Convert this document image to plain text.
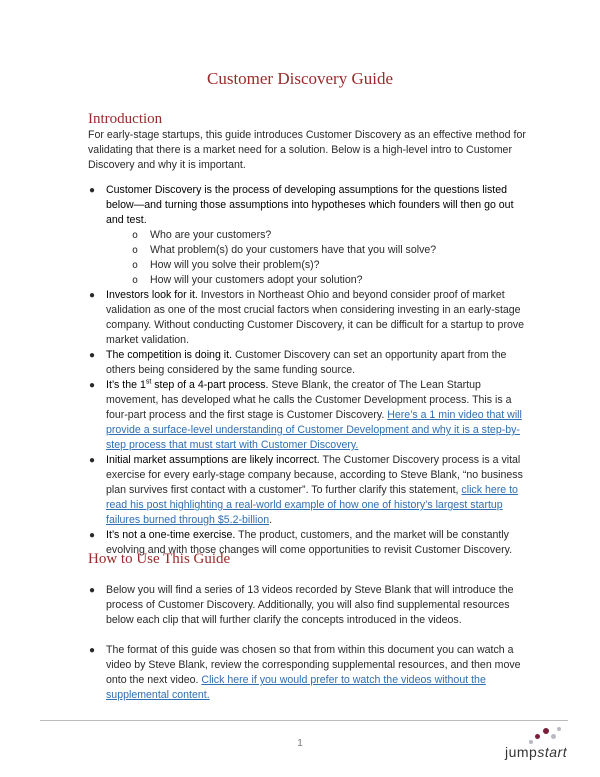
Customer Discovery Guide
Introduction
For early-stage startups, this guide introduces Customer Discovery as an effective method for validating that there is a market need for a solution. Below is a high-level intro to Customer Discovery and why it is important.
● Customer Discovery is the process of developing assumptions for the questions listed below—and turning those assumptions into hypotheses which founders will then go out and test.
o Who are your customers?
o What problem(s) do your customers have that you will solve?
o How will you solve their problem(s)?
o How will your customers adopt your solution?
● Investors look for it. Investors in Northeast Ohio and beyond consider proof of market validation as one of the most crucial factors when considering investing in an early-stage company. Without conducting Customer Discovery, it can be difficult for a startup to prove market validation.
● The competition is doing it. Customer Discovery can set an opportunity apart from the others being considered by the same funding source.
● It’s the 1st step of a 4-part process. Steve Blank, the creator of The Lean Startup movement, has developed what he calls the Customer Development process. This is a four-part process and the first stage is Customer Discovery. Here’s a 1 min video that will provide a surface-level understanding of Customer Development and why it is a step-by-step process that must start with Customer Discovery.
● Initial market assumptions are likely incorrect. The Customer Discovery process is a vital exercise for every early-stage company because, according to Steve Blank, “no business plan survives first contact with a customer”. To further clarify this statement, click here to read his post highlighting a real-world example of how one of history’s largest startup failures burned through $5.2-billion.
● It’s not a one-time exercise. The product, customers, and the market will be constantly evolving and with those changes will come opportunities to revisit Customer Discovery.
How to Use This Guide
● Below you will find a series of 13 videos recorded by Steve Blank that will introduce the process of Customer Discovery. Additionally, you will also find supplemental resources below each clip that will further clarify the concepts introduced in the videos.
● The format of this guide was chosen so that from within this document you can watch a video by Steve Blank, review the corresponding supplemental resources, and then move onto the next video. Click here if you would prefer to watch the videos without the supplemental content.
1
jumpstart
